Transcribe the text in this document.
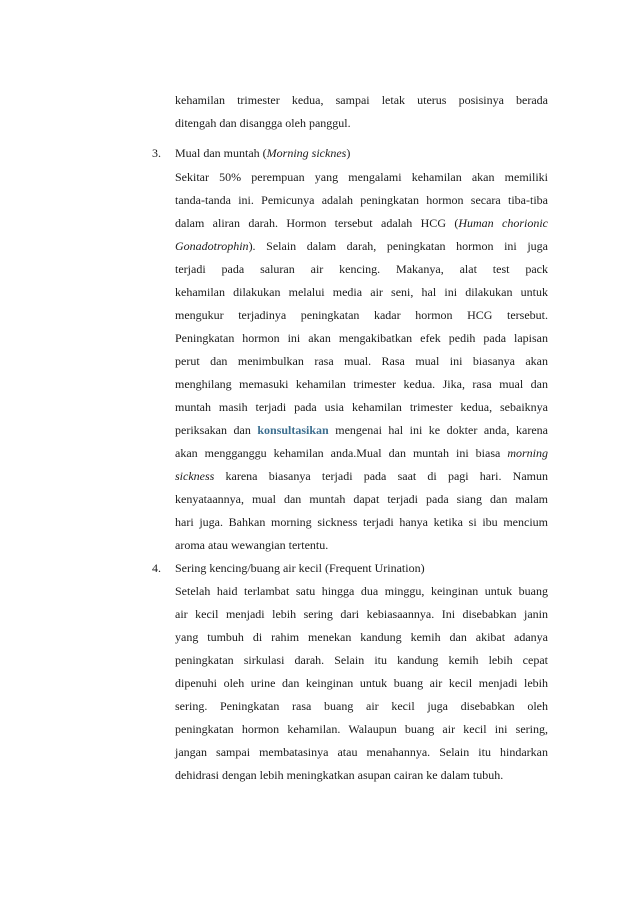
kehamilan trimester kedua, sampai letak uterus posisinya berada
ditengah dan disangga oleh panggul.
3. Mual dan muntah (Morning sicknes)
Sekitar 50% perempuan yang mengalami kehamilan akan memiliki
tanda-tanda ini. Pemicunya adalah peningkatan hormon secara tiba-tiba
dalam aliran darah. Hormon tersebut adalah HCG (Human chorionic
Gonadotrophin). Selain dalam darah, peningkatan hormon ini juga
terjadi pada saluran air kencing. Makanya, alat test pack
kehamilan dilakukan melalui media air seni, hal ini dilakukan untuk
mengukur terjadinya peningkatan kadar hormon HCG tersebut.
Peningkatan hormon ini akan mengakibatkan efek pedih pada lapisan
perut dan menimbulkan rasa mual. Rasa mual ini biasanya akan
menghilang memasuki kehamilan trimester kedua. Jika, rasa mual dan
muntah masih terjadi pada usia kehamilan trimester kedua, sebaiknya
periksakan dan konsultasikan mengenai hal ini ke dokter anda, karena
akan mengganggu kehamilan anda.Mual dan muntah ini biasa morning
sickness karena biasanya terjadi pada saat di pagi hari. Namun
kenyataannya, mual dan muntah dapat terjadi pada siang dan malam
hari juga. Bahkan morning sickness terjadi hanya ketika si ibu mencium
aroma atau wewangian tertentu.
4. Sering kencing/buang air kecil (Frequent Urination)
Setelah haid terlambat satu hingga dua minggu, keinginan untuk buang
air kecil menjadi lebih sering dari kebiasaannya. Ini disebabkan janin
yang tumbuh di rahim menekan kandung kemih dan akibat adanya
peningkatan sirkulasi darah. Selain itu kandung kemih lebih cepat
dipenuhi oleh urine dan keinginan untuk buang air kecil menjadi lebih
sering. Peningkatan rasa buang air kecil juga disebabkan oleh
peningkatan hormon kehamilan. Walaupun buang air kecil ini sering,
jangan sampai membatasinya atau menahannya. Selain itu hindarkan
dehidrasi dengan lebih meningkatkan asupan cairan ke dalam tubuh.
